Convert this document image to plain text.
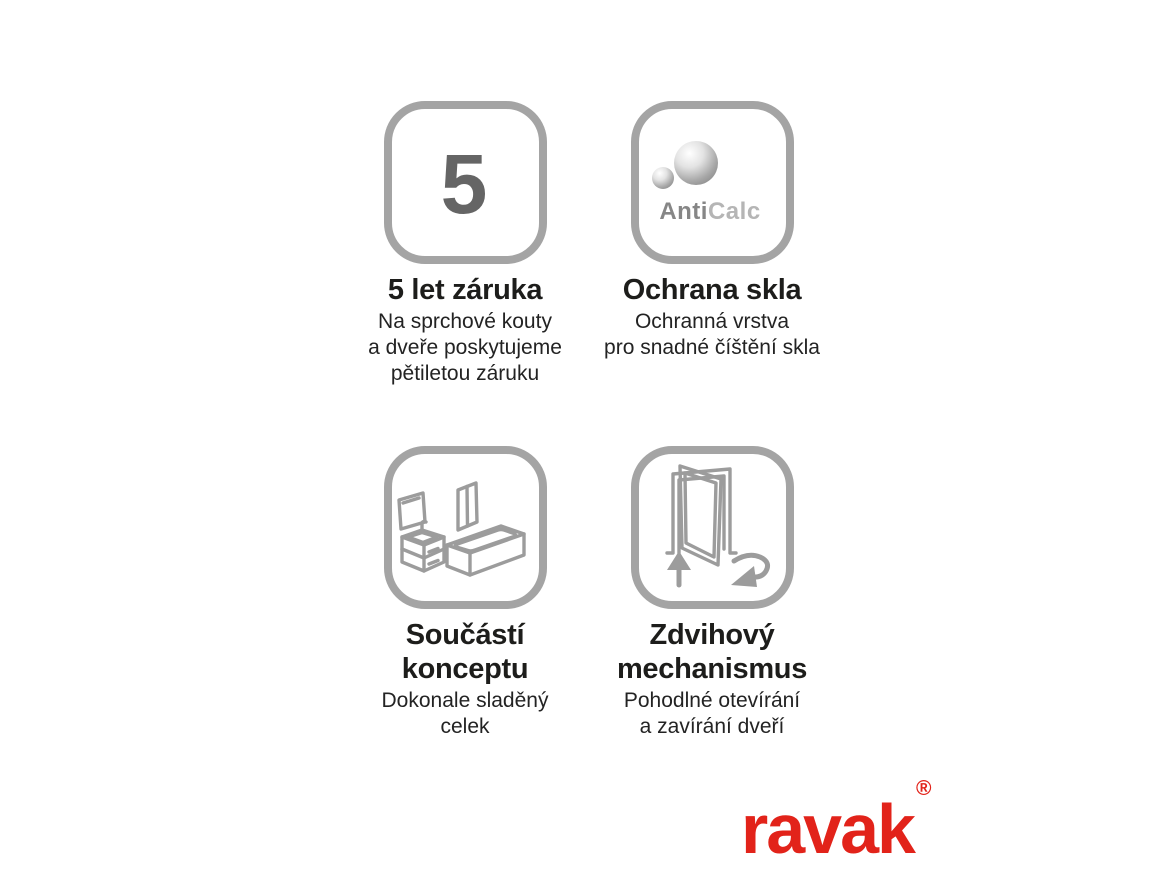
5
5 let záruka

Na sprchové kouty
a dveře poskytujeme
pětiletou záruku

AntiCalc
Ochrana skla

Ochranná vrstva
pro snadné číštění skla

Součástí
konceptu

Dokonale sladěný
celek

Zdvihový
mechanismus

Pohodlné otevírání
a zavírání dveří

ravak®
